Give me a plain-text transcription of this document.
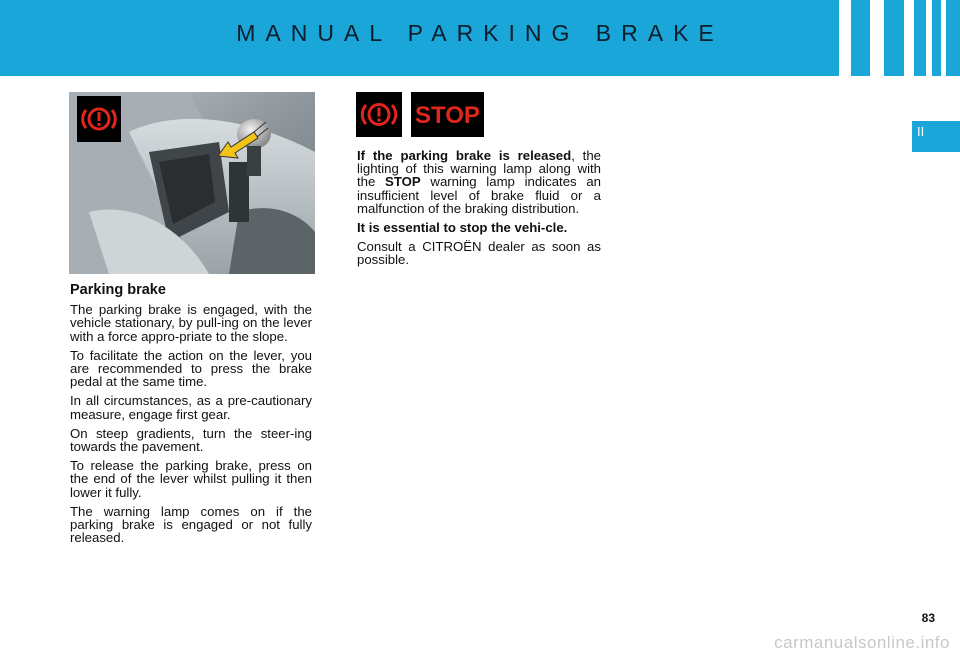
MANUAL PARKING BRAKE
II
STOP
Parking brake

The parking brake is engaged, with the vehicle stationary, by pull-ing on the lever with a force appro-priate to the slope.

To facilitate the action on the lever, you are recommended to press the brake pedal at the same time.

In all circumstances, as a pre-cautionary measure, engage first gear.

On steep gradients, turn the steer-ing towards the pavement.

To release the parking brake, press on the end of the lever whilst pulling it then lower it fully.

The warning lamp comes on if the parking brake is engaged or not fully released.

If the parking brake is released, the lighting of this warning lamp along with the STOP warning lamp indicates an insufficient level of brake fluid or a malfunction of the braking distribution.

It is essential to stop the vehi-cle.

Consult a CITROËN dealer as soon as possible.

83
carmanualsonline.info
